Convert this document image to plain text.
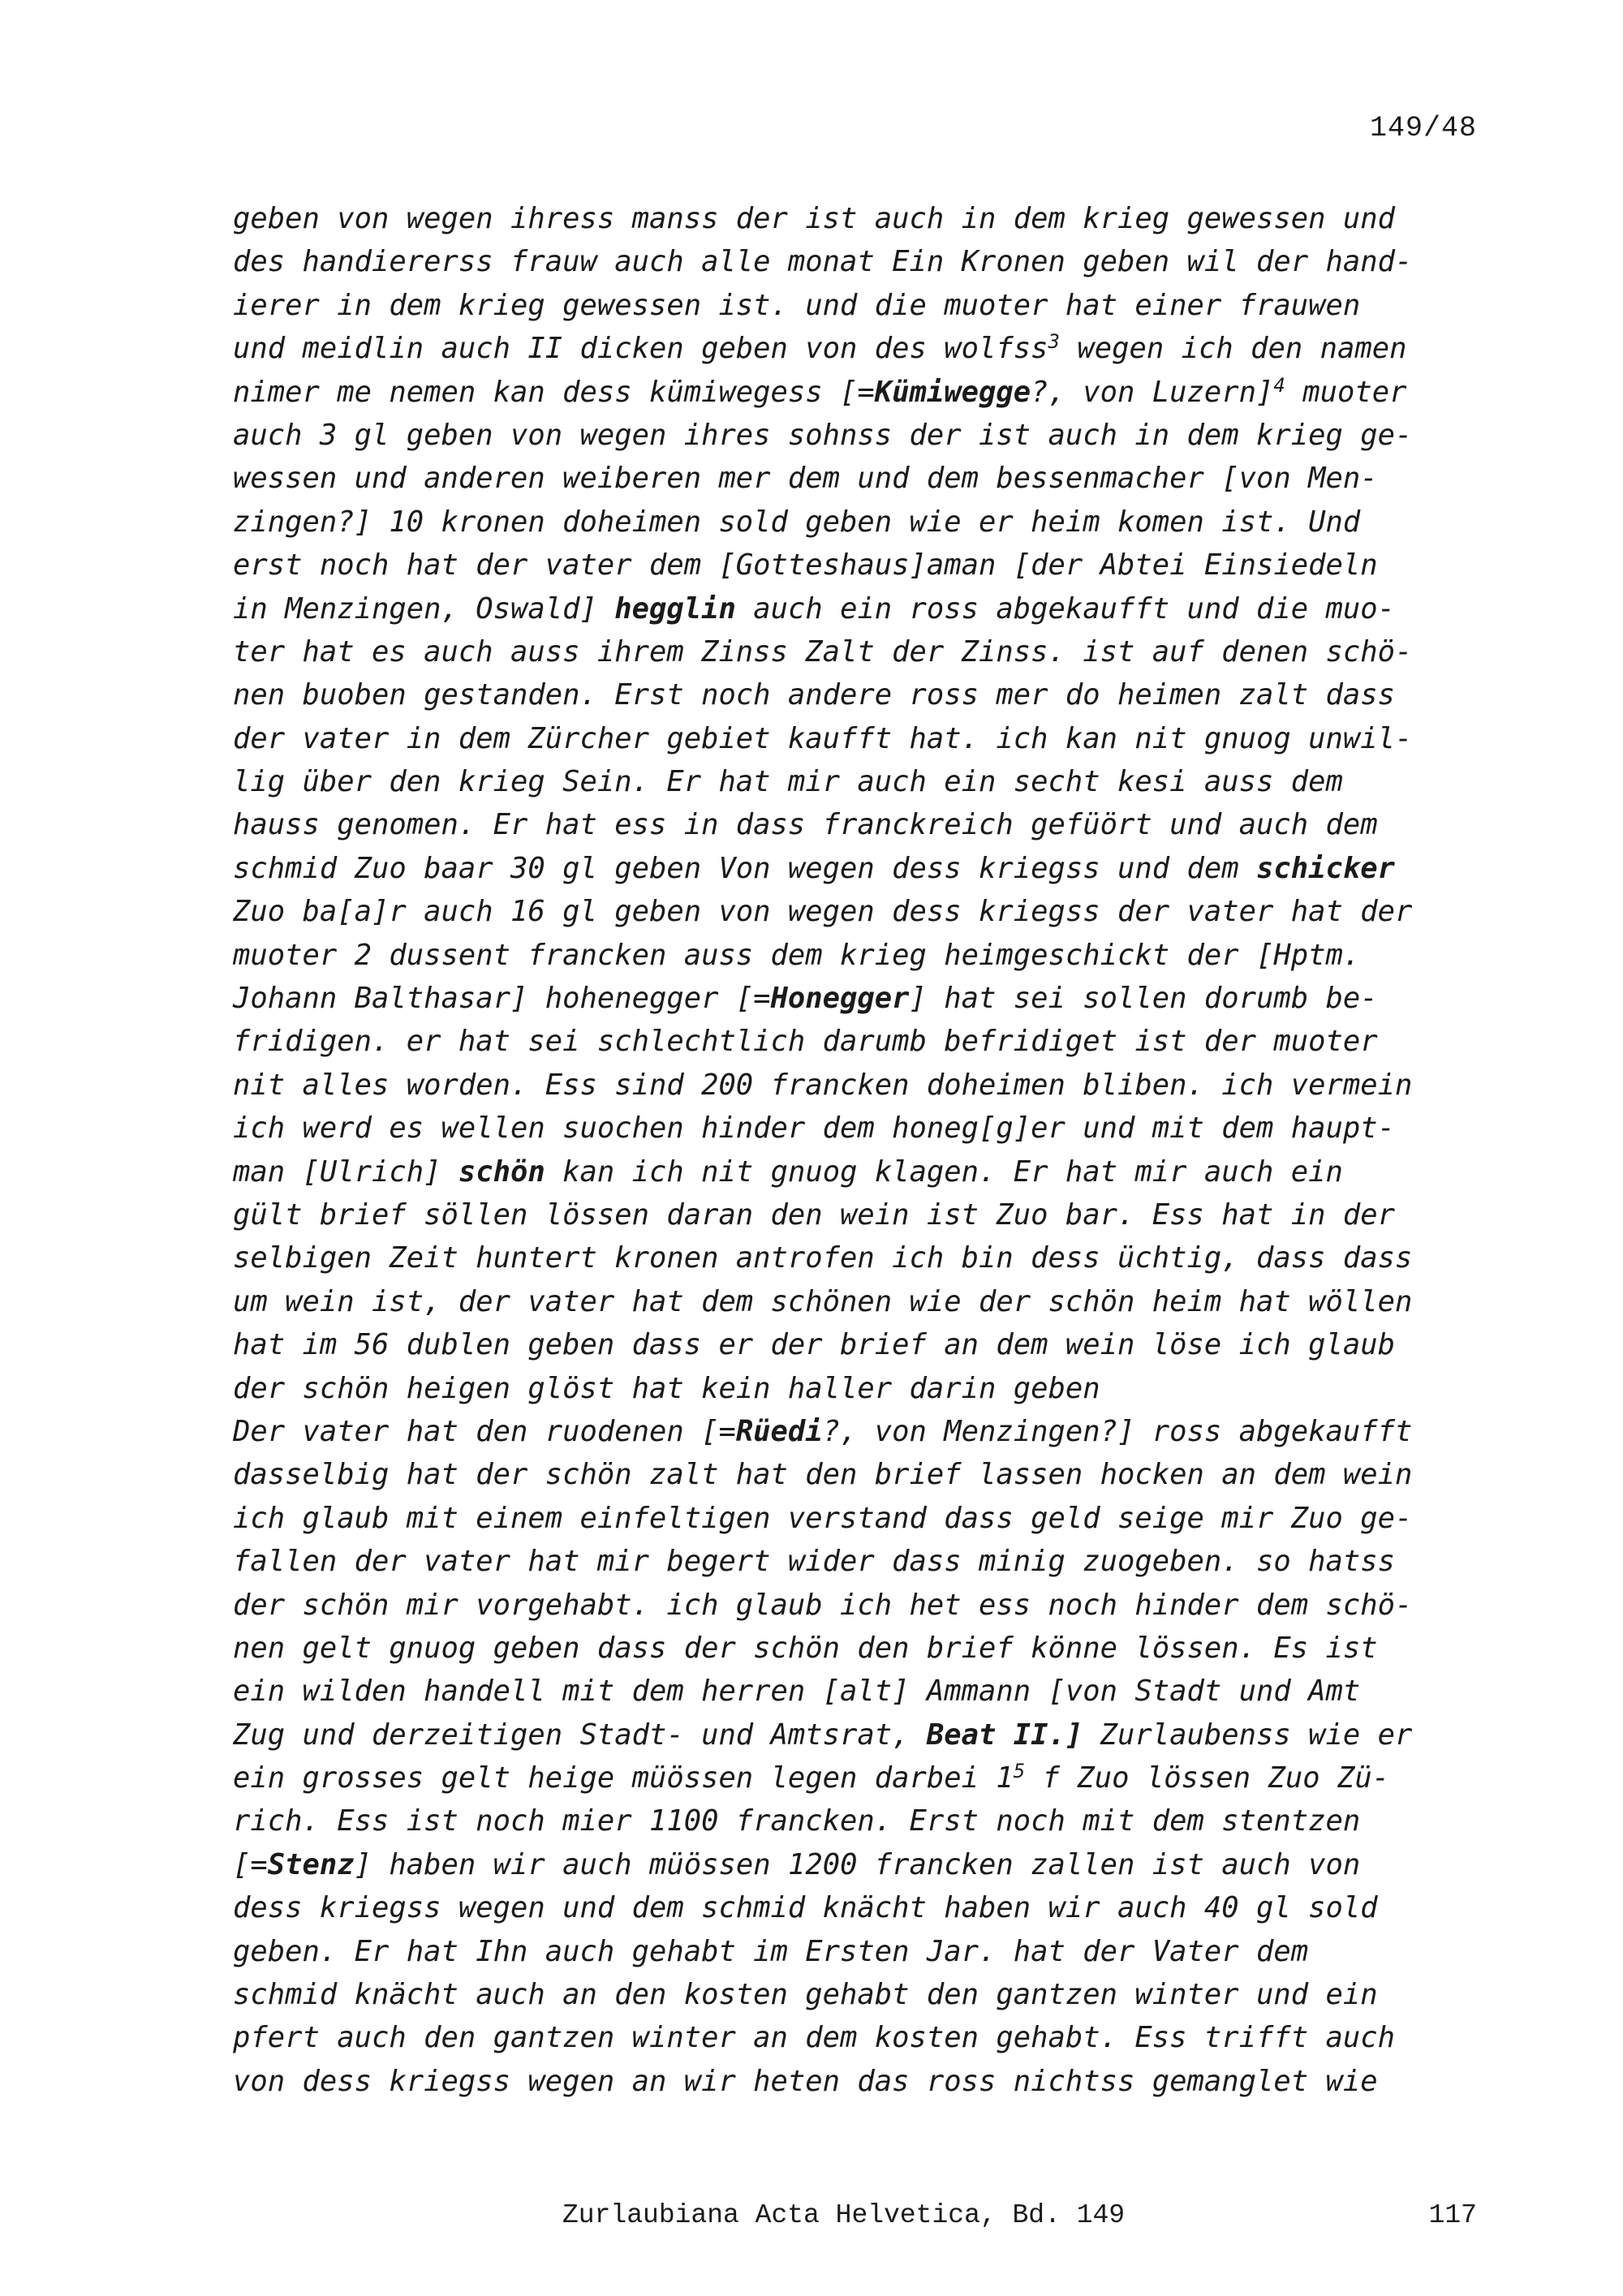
149/48
geben von wegen ihress manss der ist auch in dem krieg gewessen und
des handiererss frauw auch alle monat Ein Kronen geben wil der hand-
ierer in dem krieg gewessen ist. und die muoter hat einer frauwen
und meidlin auch II dicken geben von des wolfss$^3$ wegen ich den namen
nimer me nemen kan dess kümiwegess [=Kümiwegge?, von Luzern]$^4$ muoter
auch 3 gl geben von wegen ihres sohnss der ist auch in dem krieg ge-
wessen und anderen weiberen mer dem und dem bessenmacher [von Men-
zingen?] 10 kronen doheimen sold geben wie er heim komen ist. Und
erst noch hat der vater dem [Gotteshaus]aman [der Abtei Einsiedeln
in Menzingen, Oswald] hegglin auch ein ross abgekaufft und die muo-
ter hat es auch auss ihrem Zinss Zalt der Zinss. ist auf denen schö-
nen buoben gestanden. Erst noch andere ross mer do heimen zalt dass
der vater in dem Zürcher gebiet kaufft hat. ich kan nit gnuog unwil-
lig über den krieg Sein. Er hat mir auch ein secht kesi auss dem
hauss genomen. Er hat ess in dass franckreich gefüört und auch dem
schmid Zuo baar 30 gl geben Von wegen dess kriegss und dem schicker
Zuo ba[a]r auch 16 gl geben von wegen dess kriegss der vater hat der
muoter 2 dussent francken auss dem krieg heimgeschickt der [Hptm.
Johann Balthasar] hohenegger [=Honegger] hat sei sollen dorumb be-
fridigen. er hat sei schlechtlich darumb befridiget ist der muoter
nit alles worden. Ess sind 200 francken doheimen bliben. ich vermein
ich werd es wellen suochen hinder dem honeg[g]er und mit dem haupt-
man [Ulrich] schön kan ich nit gnuog klagen. Er hat mir auch ein
gült brief söllen lössen daran den wein ist Zuo bar. Ess hat in der
selbigen Zeit huntert kronen antrofen ich bin dess üchtig, dass dass
um wein ist, der vater hat dem schönen wie der schön heim hat wöllen
hat im 56 dublen geben dass er der brief an dem wein löse ich glaub
der schön heigen glöst hat kein haller darin geben
Der vater hat den ruodenen [=Rüedi?, von Menzingen?] ross abgekaufft
dasselbig hat der schön zalt hat den brief lassen hocken an dem wein
ich glaub mit einem einfeltigen verstand dass geld seige mir Zuo ge-
fallen der vater hat mir begert wider dass minig zuogeben. so hatss
der schön mir vorgehabt. ich glaub ich het ess noch hinder dem schö-
nen gelt gnuog geben dass der schön den brief könne lössen. Es ist
ein wilden handell mit dem herren [alt] Ammann [von Stadt und Amt
Zug und derzeitigen Stadt- und Amtsrat, Beat II.] Zurlaubenss wie er
ein grosses gelt heige müössen legen darbei $1^5$ f Zuo lössen Zuo Zü-
rich. Ess ist noch mier 1100 francken. Erst noch mit dem stentzen
[=Stenz] haben wir auch müössen 1200 francken zallen ist auch von
dess kriegss wegen und dem schmid knächt haben wir auch 40 gl sold
geben. Er hat Ihn auch gehabt im Ersten Jar. hat der Vater dem
schmid knächt auch an den kosten gehabt den gantzen winter und ein
pfert auch den gantzen winter an dem kosten gehabt. Ess trifft auch
von dess kriegss wegen an wir heten das ross nichtss gemanglet wie
Zurlaubiana Acta Helvetica, Bd. 149	117
